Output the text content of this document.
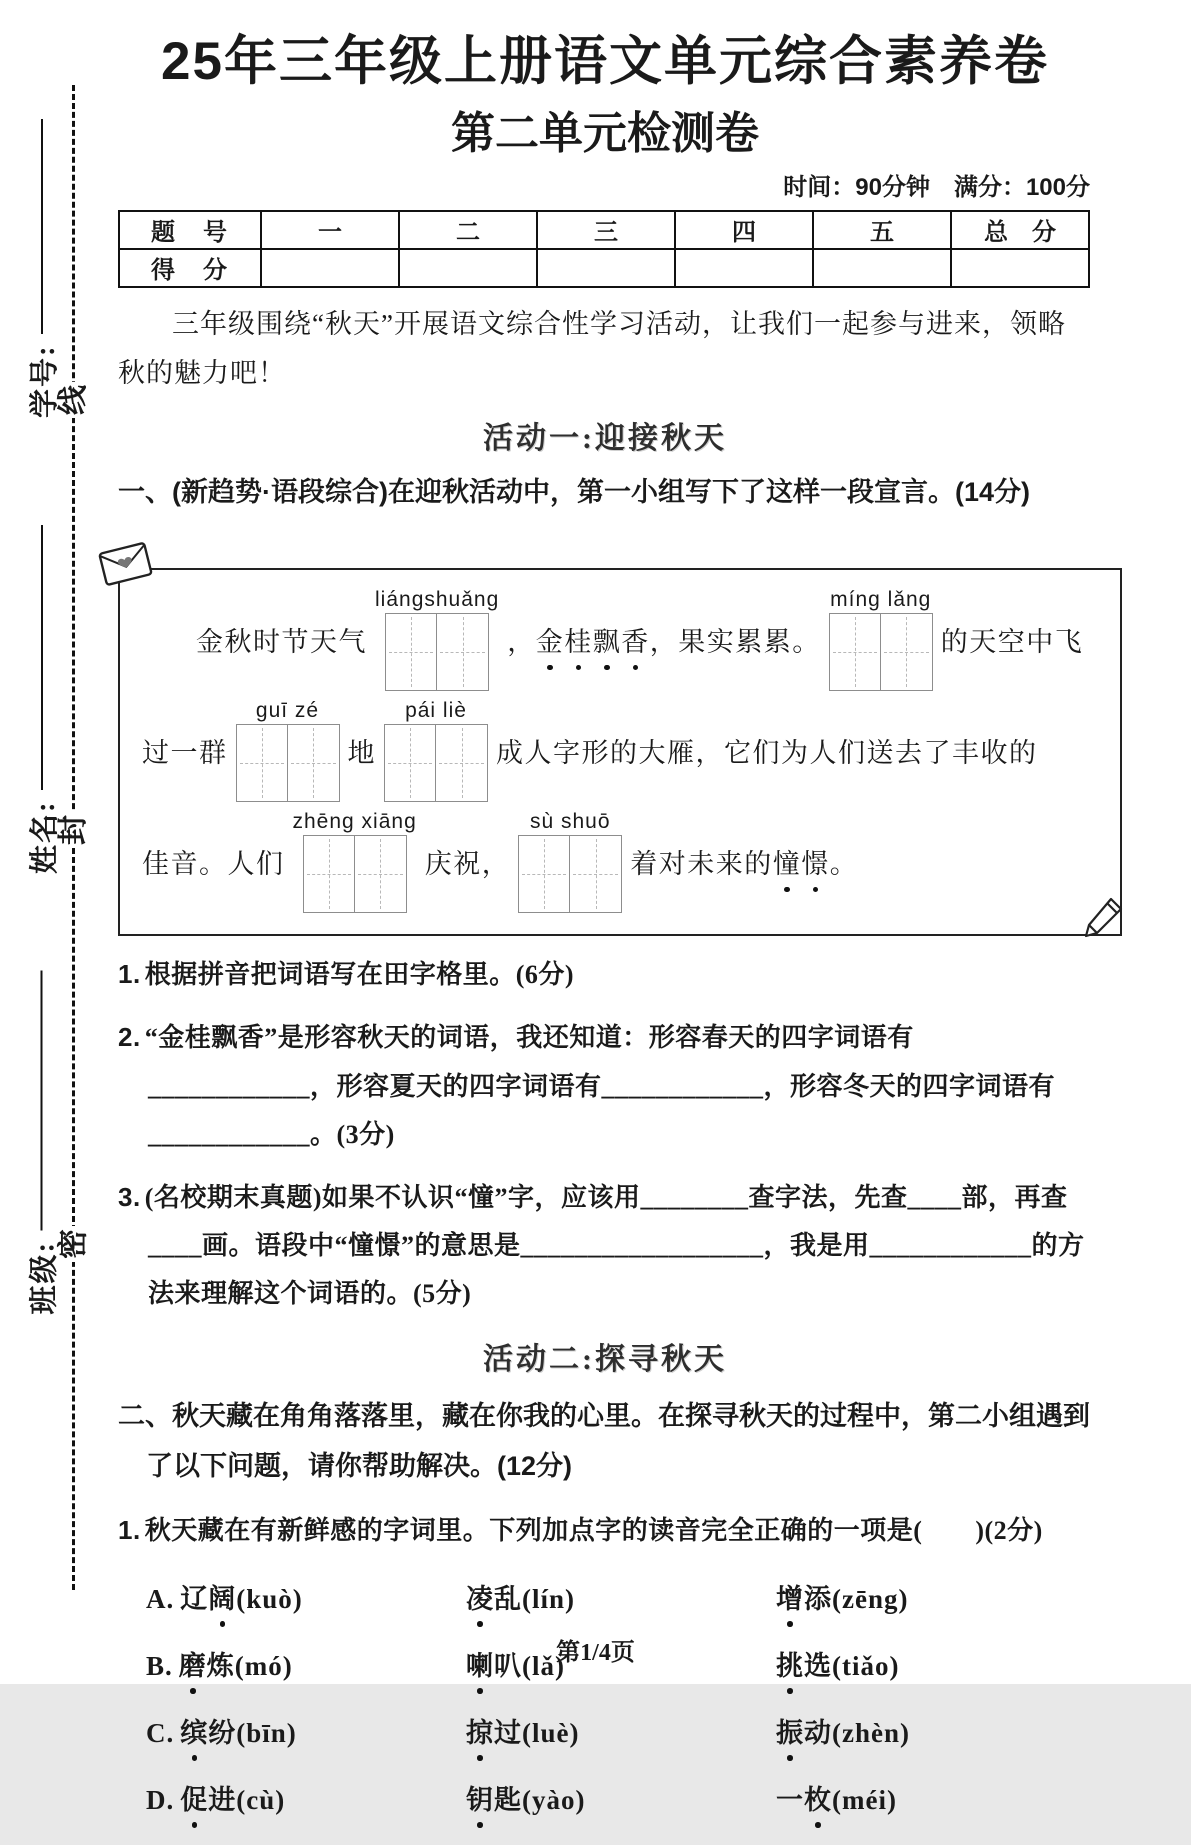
线
封
密
学号:
姓名:
班级:
25年三年级上册语文单元综合素养卷
第二单元检测卷
时间：90分钟　满分：100分
题　号	一	二	三	四	五	总　分
得　分						
三年级围绕“秋天”开展语文综合性学习活动，让我们一起参与进来，领略秋的魅力吧！
活动一:迎接秋天
一、(新趋势·语段综合)在迎秋活动中，第一小组写下了这样一段宣言。(14分)
金秋时节天气
liángshuǎng
， 金桂飘香 ，果实累累。
míng lǎng
的天空中飞
过一群
guī zé
地
pái liè
成人字形的大雁，它们为人们送去了丰收的
佳音。人们
zhēng xiāng
庆祝，
sù shuō
着对未来的 憧憬 。
1. 根据拼音把词语写在田字格里。(6分)
2. “金桂飘香”是形容秋天的词语，我还知道：形容春天的四字词语有____________，形容夏天的四字词语有____________，形容冬天的四字词语有____________。(3分)
3. (名校期末真题)如果不认识“憧”字，应该用________查字法，先查____部，再查____画。语段中“憧憬”的意思是__________________，我是用____________的方法来理解这个词语的。(5分)
活动二:探寻秋天
二、秋天藏在角角落落里，藏在你我的心里。在探寻秋天的过程中，第二小组遇到了以下问题，请你帮助解决。(12分)
1. 秋天藏在有新鲜感的字词里。下列加点字的读音完全正确的一项是(　　)(2分)
A. 辽阔(kuò)	凌乱(lín)	增添(zēng)
B. 磨炼(mó)	喇叭(lǎ)	挑选(tiǎo)
C. 缤纷(bīn)	掠过(luè)	振动(zhèn)
D. 促进(cù)	钥匙(yào)	一枚(méi)
第1/4页
